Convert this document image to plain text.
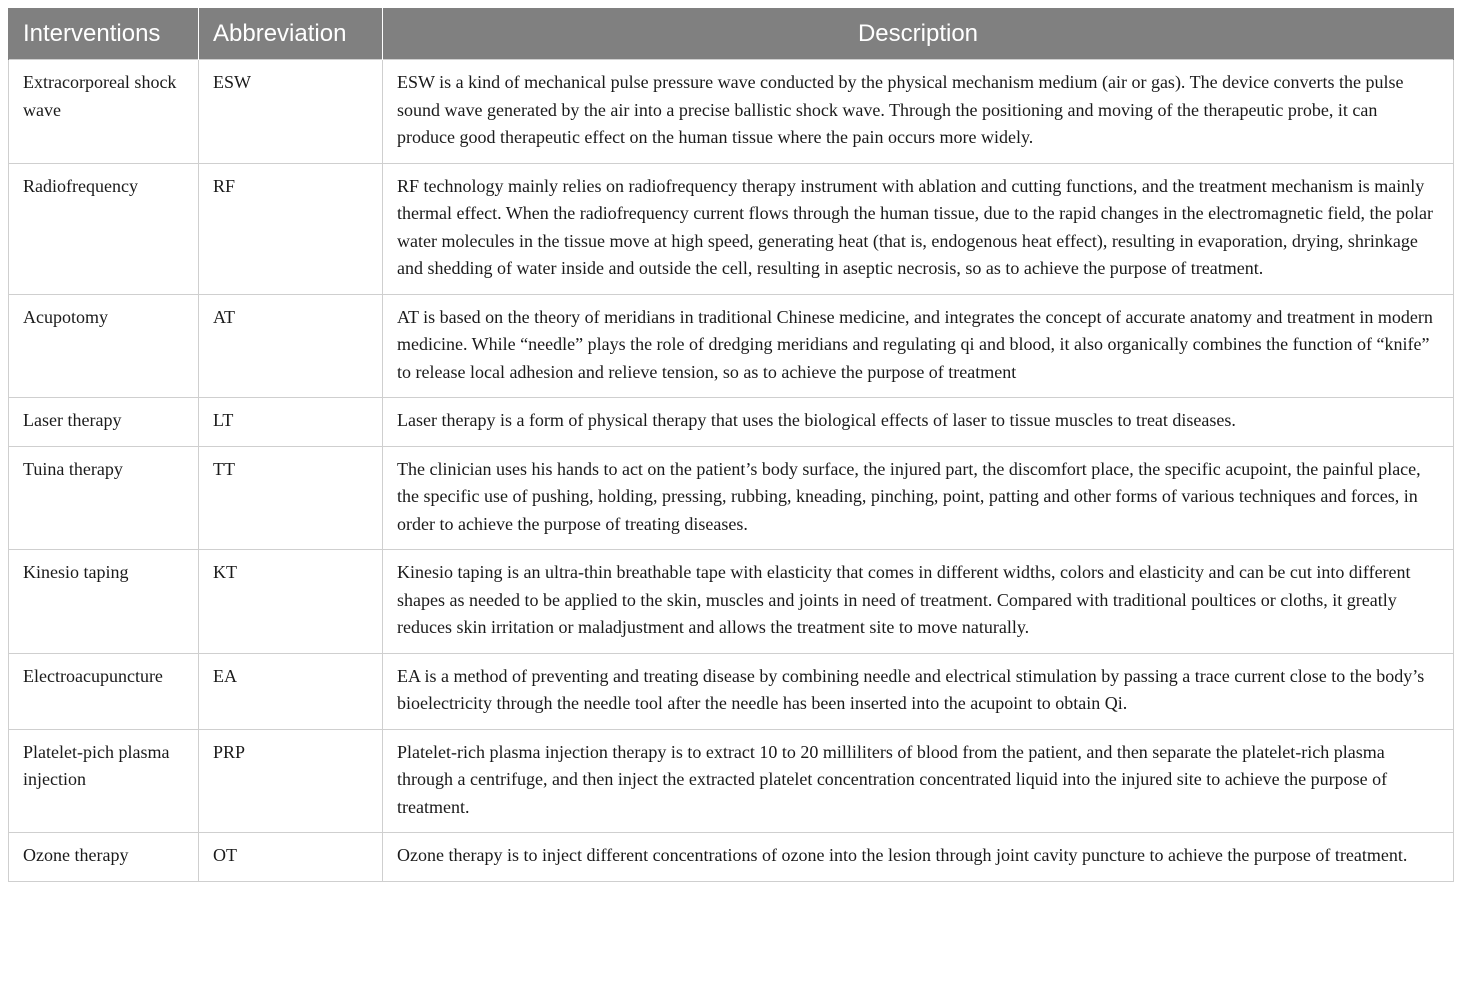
Interventions	Abbreviation	Description
Extracorporeal shock wave	ESW	ESW is a kind of mechanical pulse pressure wave conducted by the physical mechanism medium (air or gas). The device converts the pulse sound wave generated by the air into a precise ballistic shock wave. Through the positioning and moving of the therapeutic probe, it can produce good therapeutic effect on the human tissue where the pain occurs more widely.
Radiofrequency	RF	RF technology mainly relies on radiofrequency therapy instrument with ablation and cutting functions, and the treatment mechanism is mainly thermal effect. When the radiofrequency current flows through the human tissue, due to the rapid changes in the electromagnetic field, the polar water molecules in the tissue move at high speed, generating heat (that is, endogenous heat effect), resulting in evaporation, drying, shrinkage and shedding of water inside and outside the cell, resulting in aseptic necrosis, so as to achieve the purpose of treatment.
Acupotomy	AT	AT is based on the theory of meridians in traditional Chinese medicine, and integrates the concept of accurate anatomy and treatment in modern medicine. While “needle” plays the role of dredging meridians and regulating qi and blood, it also organically combines the function of “knife” to release local adhesion and relieve tension, so as to achieve the purpose of treatment
Laser therapy	LT	Laser therapy is a form of physical therapy that uses the biological effects of laser to tissue muscles to treat diseases.
Tuina therapy	TT	The clinician uses his hands to act on the patient’s body surface, the injured part, the discomfort place, the specific acupoint, the painful place, the specific use of pushing, holding, pressing, rubbing, kneading, pinching, point, patting and other forms of various techniques and forces, in order to achieve the purpose of treating diseases.
Kinesio taping	KT	Kinesio taping is an ultra-thin breathable tape with elasticity that comes in different widths, colors and elasticity and can be cut into different shapes as needed to be applied to the skin, muscles and joints in need of treatment. Compared with traditional poultices or cloths, it greatly reduces skin irritation or maladjustment and allows the treatment site to move naturally.
Electroacupuncture	EA	EA is a method of preventing and treating disease by combining needle and electrical stimulation by passing a trace current close to the body’s bioelectricity through the needle tool after the needle has been inserted into the acupoint to obtain Qi.
Platelet-pich plasma injection	PRP	Platelet-rich plasma injection therapy is to extract 10 to 20 milliliters of blood from the patient, and then separate the platelet-rich plasma through a centrifuge, and then inject the extracted platelet concentration concentrated liquid into the injured site to achieve the purpose of treatment.
Ozone therapy	OT	Ozone therapy is to inject different concentrations of ozone into the lesion through joint cavity puncture to achieve the purpose of treatment.
